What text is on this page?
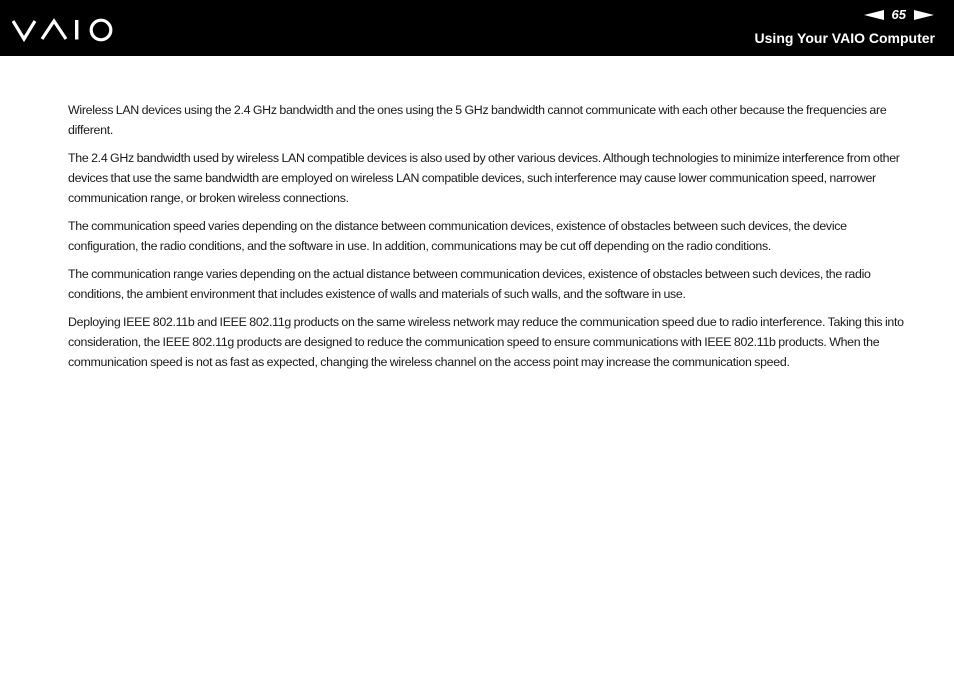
65
Using Your VAIO Computer

Wireless LAN devices using the 2.4 GHz bandwidth and the ones using the 5 GHz bandwidth cannot communicate with each other because the frequencies are different.

The 2.4 GHz bandwidth used by wireless LAN compatible devices is also used by other various devices. Although technologies to minimize interference from other devices that use the same bandwidth are employed on wireless LAN compatible devices, such interference may cause lower communication speed, narrower communication range, or broken wireless connections.

The communication speed varies depending on the distance between communication devices, existence of obstacles between such devices, the device configuration, the radio conditions, and the software in use. In addition, communications may be cut off depending on the radio conditions.

The communication range varies depending on the actual distance between communication devices, existence of obstacles between such devices, the radio conditions, the ambient environment that includes existence of walls and materials of such walls, and the software in use.

Deploying IEEE 802.11b and IEEE 802.11g products on the same wireless network may reduce the communication speed due to radio interference. Taking this into consideration, the IEEE 802.11g products are designed to reduce the communication speed to ensure communications with IEEE 802.11b products. When the communication speed is not as fast as expected, changing the wireless channel on the access point may increase the communication speed.
